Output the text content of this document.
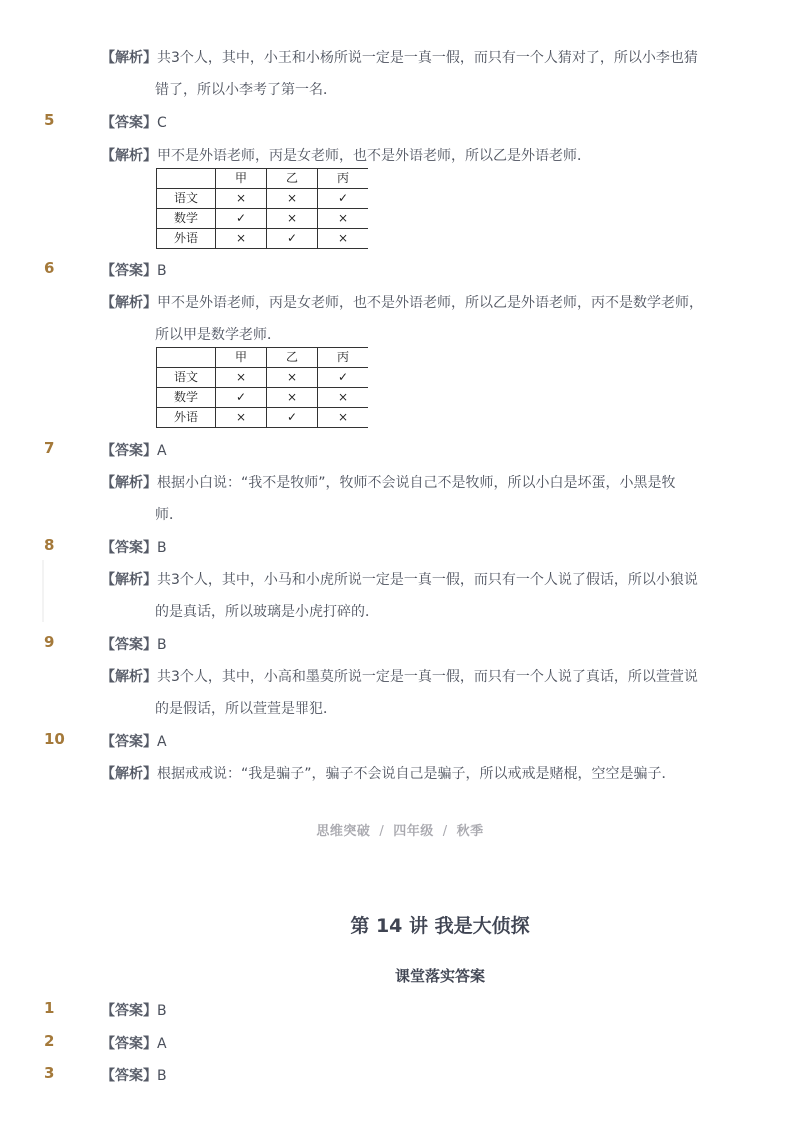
【解析】共3个人，其中，小王和小杨所说一定是一真一假，而只有一个人猜对了，所以小李也猜
错了，所以小李考了第一名．
5	【答案】C
【解析】甲不是外语老师，丙是女老师，也不是外语老师，所以乙是外语老师．
	甲	乙	丙
语文	×	×	✓
数学	✓	×	×
外语	×	✓	×
6	【答案】B
【解析】甲不是外语老师，丙是女老师，也不是外语老师，所以乙是外语老师，丙不是数学老师，
所以甲是数学老师．
	甲	乙	丙
语文	×	×	✓
数学	✓	×	×
外语	×	✓	×
7	【答案】A
【解析】根据小白说：“我不是牧师”，牧师不会说自己不是牧师，所以小白是坏蛋，小黑是牧
师．
8	【答案】B
【解析】共3个人，其中，小马和小虎所说一定是一真一假，而只有一个人说了假话，所以小狼说
的是真话，所以玻璃是小虎打碎的．
9	【答案】B
【解析】共3个人，其中，小高和墨莫所说一定是一真一假，而只有一个人说了真话，所以萱萱说
的是假话，所以萱萱是罪犯．
10	【答案】A
【解析】根据戒戒说：“我是骗子”，骗子不会说自己是骗子，所以戒戒是赌棍，空空是骗子．
思维突破 / 四年级 / 秋季
第 14 讲 我是大侦探
课堂落实答案
1	【答案】B
2	【答案】A
3	【答案】B
